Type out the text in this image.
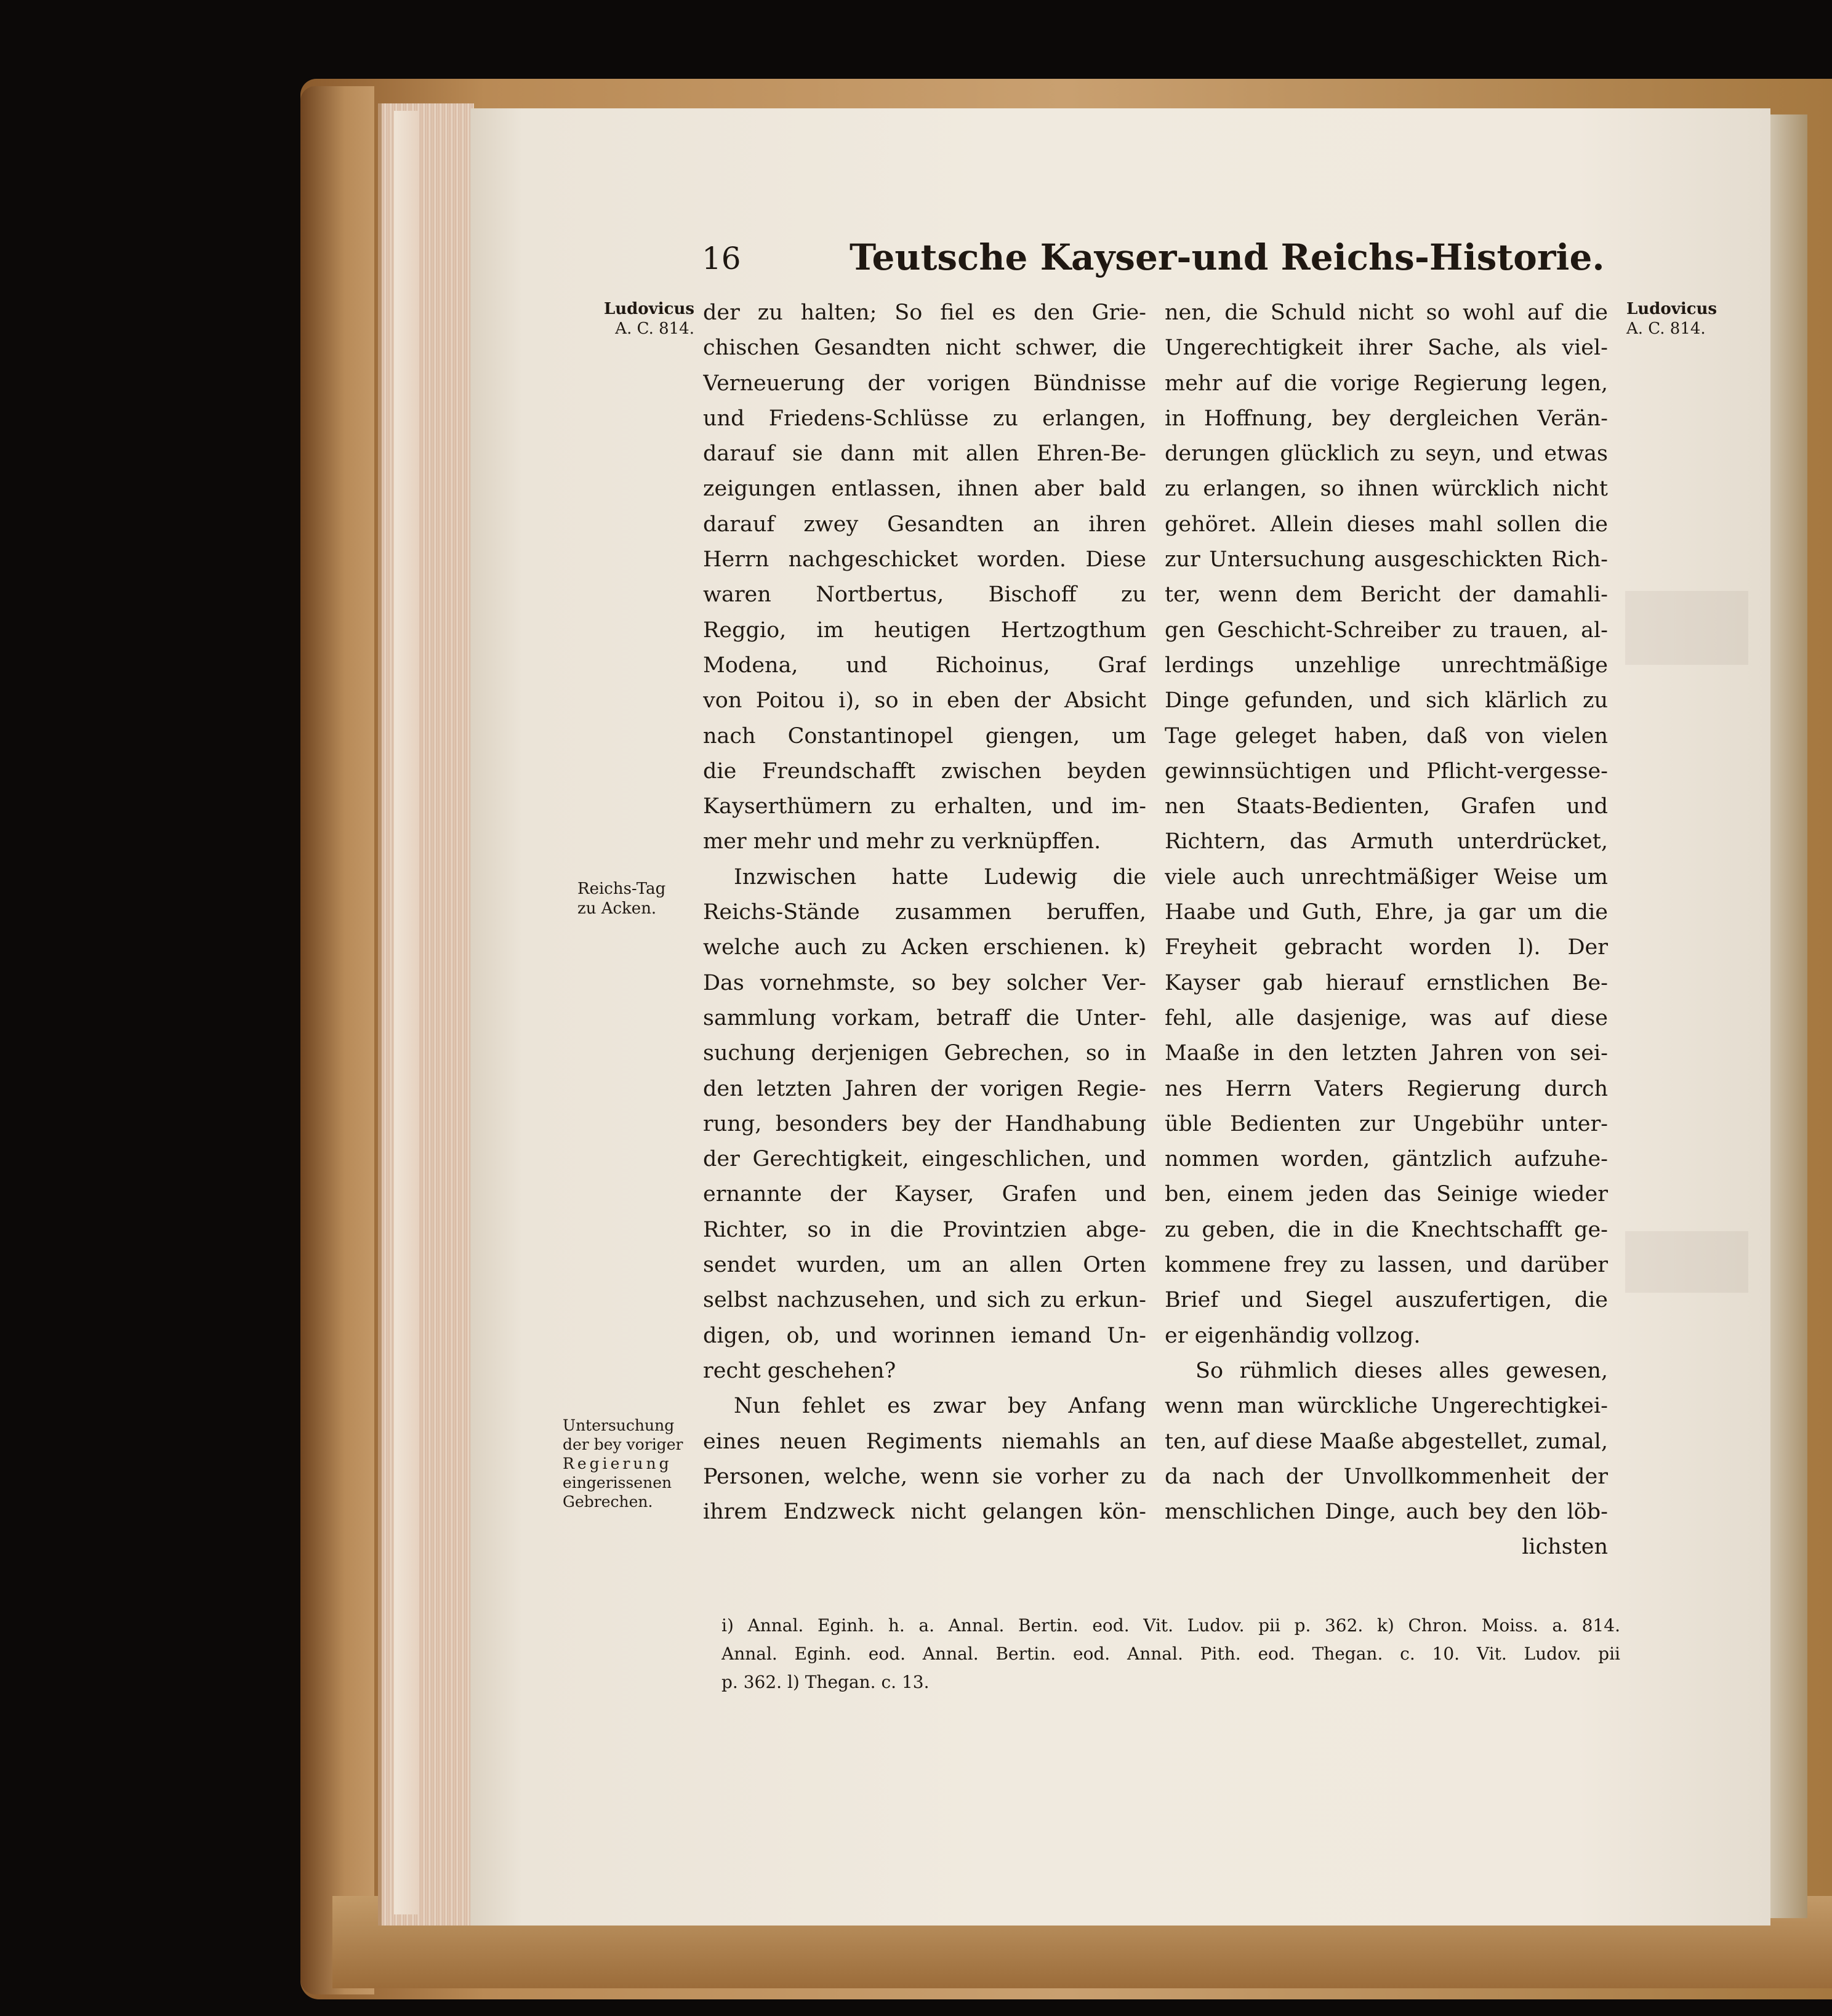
16	Teutsche Kayser-und Reichs-Historie.
Ludovicus
A. C. 814.
Reichs-Tag
zu Acken.
Untersuchung
der bey voriger
Regierung
eingerissenen
Gebrechen.
Ludovicus
A. C. 814.
der zu halten; So fiel es den Grie-
chischen Gesandten nicht schwer, die
Verneuerung der vorigen Bündnisse
und Friedens-Schlüsse zu erlangen,
darauf sie dann mit allen Ehren-Be-
zeigungen entlassen, ihnen aber bald
darauf zwey Gesandten an ihren
Herrn nachgeschicket worden. Diese
waren Nortbertus, Bischoff zu
Reggio, im heutigen Hertzogthum
Modena, und Richoinus, Graf
von Poitou i), so in eben der Absicht
nach Constantinopel giengen, um
die Freundschafft zwischen beyden
Kayserthümern zu erhalten, und im-
mer mehr und mehr zu verknüpffen.
Inzwischen hatte Ludewig die
Reichs-Stände zusammen beruffen,
welche auch zu Acken erschienen. k)
Das vornehmste, so bey solcher Ver-
sammlung vorkam, betraff die Unter-
suchung derjenigen Gebrechen, so in
den letzten Jahren der vorigen Regie-
rung, besonders bey der Handhabung
der Gerechtigkeit, eingeschlichen, und
ernannte der Kayser, Grafen und
Richter, so in die Provintzien abge-
sendet wurden, um an allen Orten
selbst nachzusehen, und sich zu erkun-
digen, ob, und worinnen iemand Un-
recht geschehen?
Nun fehlet es zwar bey Anfang
eines neuen Regiments niemahls an
Personen, welche, wenn sie vorher zu
ihrem Endzweck nicht gelangen kön-
nen, die Schuld nicht so wohl auf die
Ungerechtigkeit ihrer Sache, als viel-
mehr auf die vorige Regierung legen,
in Hoffnung, bey dergleichen Verän-
derungen glücklich zu seyn, und etwas
zu erlangen, so ihnen würcklich nicht
gehöret. Allein dieses mahl sollen die
zur Untersuchung ausgeschickten Rich-
ter, wenn dem Bericht der damahli-
gen Geschicht-Schreiber zu trauen, al-
lerdings unzehlige unrechtmäßige
Dinge gefunden, und sich klärlich zu
Tage geleget haben, daß von vielen
gewinnsüchtigen und Pflicht-vergesse-
nen Staats-Bedienten, Grafen und
Richtern, das Armuth unterdrücket,
viele auch unrechtmäßiger Weise um
Haabe und Guth, Ehre, ja gar um die
Freyheit gebracht worden l). Der
Kayser gab hierauf ernstlichen Be-
fehl, alle dasjenige, was auf diese
Maaße in den letzten Jahren von sei-
nes Herrn Vaters Regierung durch
üble Bedienten zur Ungebühr unter-
nommen worden, gäntzlich aufzuhe-
ben, einem jeden das Seinige wieder
zu geben, die in die Knechtschafft ge-
kommene frey zu lassen, und darüber
Brief und Siegel auszufertigen, die
er eigenhändig vollzog.
So rühmlich dieses alles gewesen,
wenn man würckliche Ungerechtigkei-
ten, auf diese Maaße abgestellet, zumal,
da nach der Unvollkommenheit der
menschlichen Dinge, auch bey den löb-
lichsten
i) Annal. Eginh. h. a. Annal. Bertin. eod. Vit. Ludov. pii p. 362. k) Chron. Moiss. a. 814.
Annal. Eginh. eod. Annal. Bertin. eod. Annal. Pith. eod. Thegan. c. 10. Vit. Ludov. pii
p. 362. l) Thegan. c. 13.
